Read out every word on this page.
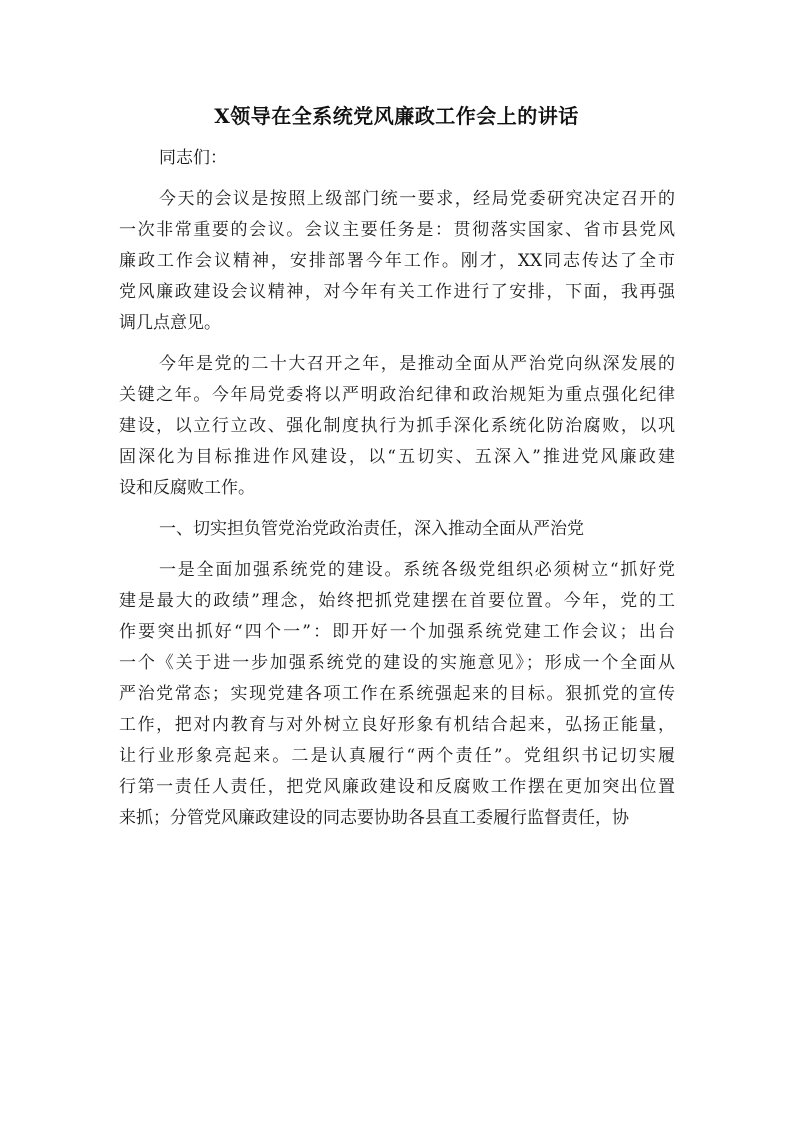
X领导在全系统党风廉政工作会上的讲话
同志们：
今天的会议是按照上级部门统一要求，经局党委研究决定召开的
一次非常重要的会议。会议主要任务是：贯彻落实国家、省市县党风
廉政工作会议精神，安排部署今年工作。刚才，XX同志传达了全市
党风廉政建设会议精神，对今年有关工作进行了安排，下面，我再强
调几点意见。
今年是党的二十大召开之年，是推动全面从严治党向纵深发展的
关键之年。今年局党委将以严明政治纪律和政治规矩为重点强化纪律
建设，以立行立改、强化制度执行为抓手深化系统化防治腐败，以巩
固深化为目标推进作风建设，以“五切实、五深入”推进党风廉政建
设和反腐败工作。
一、切实担负管党治党政治责任，深入推动全面从严治党
一是全面加强系统党的建设。系统各级党组织必须树立“抓好党
建是最大的政绩”理念，始终把抓党建摆在首要位置。今年，党的工
作要突出抓好“四个一”：即开好一个加强系统党建工作会议；出台
一个《关于进一步加强系统党的建设的实施意见》；形成一个全面从
严治党常态；实现党建各项工作在系统强起来的目标。狠抓党的宣传
工作，把对内教育与对外树立良好形象有机结合起来，弘扬正能量，
让行业形象亮起来。二是认真履行“两个责任”。党组织书记切实履
行第一责任人责任，把党风廉政建设和反腐败工作摆在更加突出位置
来抓；分管党风廉政建设的同志要协助各县直工委履行监督责任，协
